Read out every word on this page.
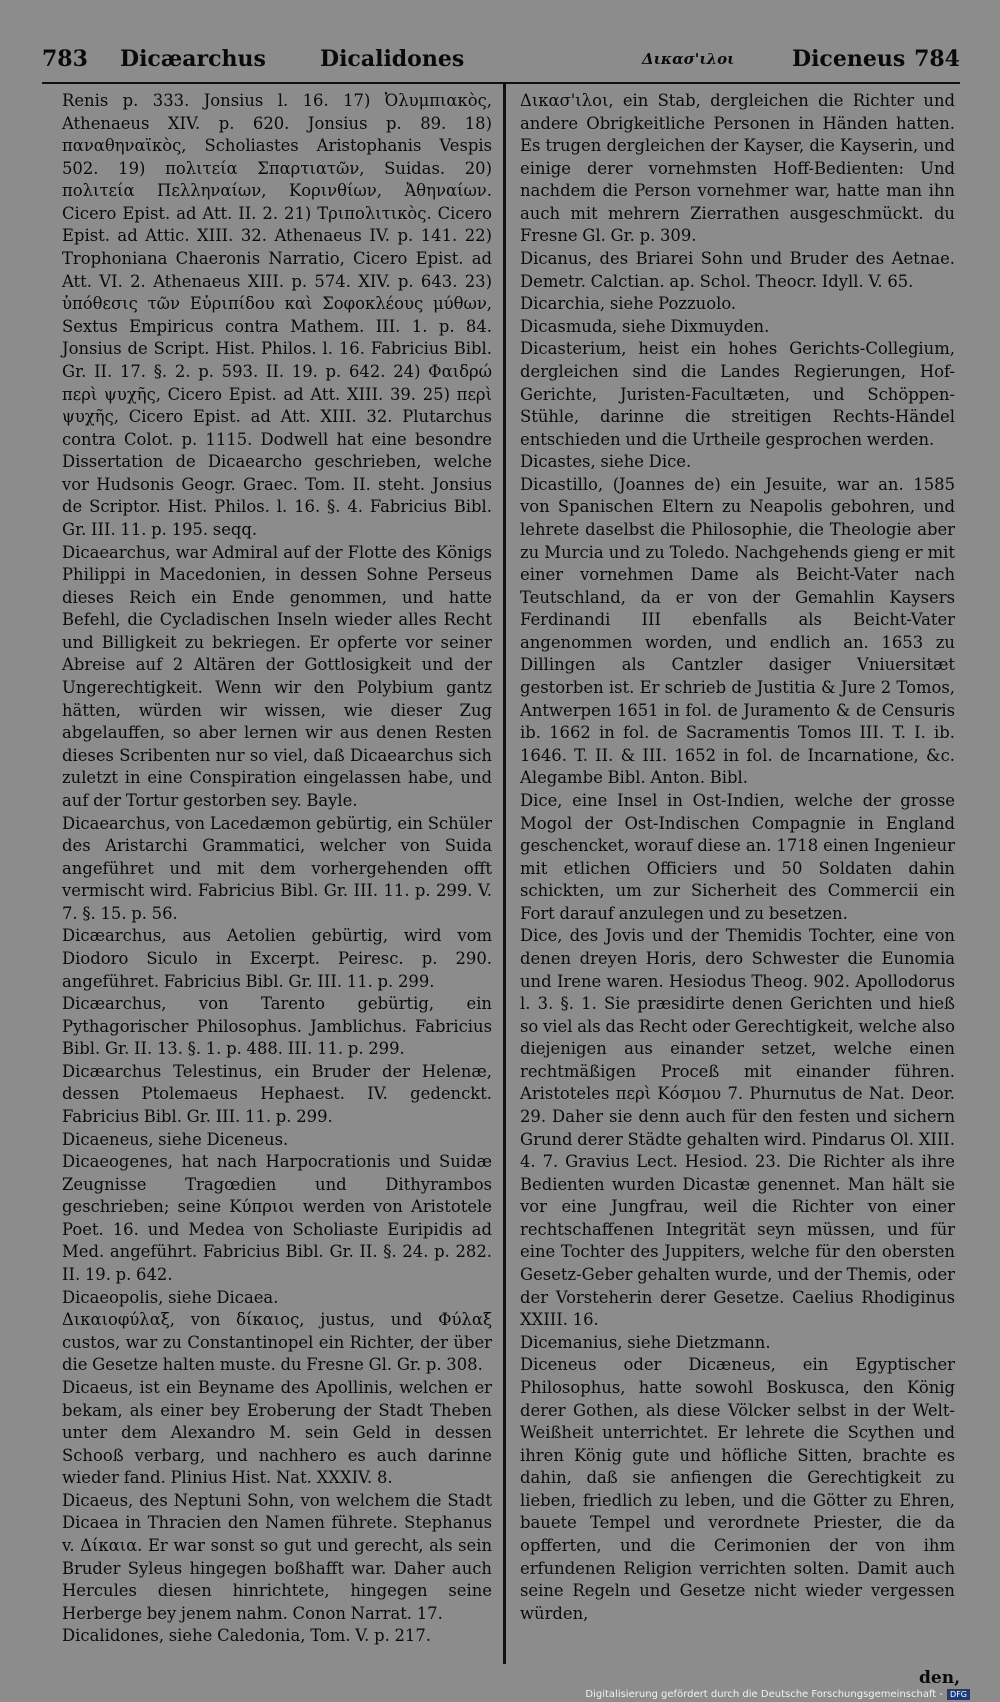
783 Dicæarchus Dicalidones	Δικασ'ιλοι	Diceneus 784

Renis p. 333. Jonsius l. 16. 17) Ὀλυμπιακὸς, Athenaeus XIV. p. 620. Jonsius p. 89. 18) παναθηναϊκὸς, Scholiastes Aristophanis Vespis 502. 19) πολιτεία Σπαρτιατῶν, Suidas. 20) πολιτεία Πελληναίων, Κορινθίων, Ἀθηναίων. Cicero Epist. ad Att. II. 2. 21) Τριπολιτικὸς. Cicero Epist. ad Attic. XIII. 32. Athenaeus IV. p. 141. 22) Trophoniana Chaeronis Narratio, Cicero Epist. ad Att. VI. 2. Athenaeus XIII. p. 574. XIV. p. 643. 23) ὑπόθεσις τῶν Εὐριπίδου καὶ Σοφοκλέους μύθων, Sextus Empiricus contra Mathem. III. 1. p. 84. Jonsius de Script. Hist. Philos. l. 16. Fabricius Bibl. Gr. II. 17. §. 2. p. 593. II. 19. p. 642. 24) Φαιδρώ περὶ ψυχῆς, Cicero Epist. ad Att. XIII. 39. 25) περὶ ψυχῆς, Cicero Epist. ad Att. XIII. 32. Plutarchus contra Colot. p. 1115. Dodwell hat eine besondre Dissertation de Dicaearcho geschrieben, welche vor Hudsonis Geogr. Graec. Tom. II. steht. Jonsius de Scriptor. Hist. Philos. l. 16. §. 4. Fabricius Bibl. Gr. III. 11. p. 195. seqq.

Dicaearchus, war Admiral auf der Flotte des Königs Philippi in Macedonien, in dessen Sohne Perseus dieses Reich ein Ende genommen, und hatte Befehl, die Cycladischen Inseln wieder alles Recht und Billigkeit zu bekriegen. Er opferte vor seiner Abreise auf 2 Altären der Gottlosigkeit und der Ungerechtigkeit. Wenn wir den Polybium gantz hätten, würden wir wissen, wie dieser Zug abgelauffen, so aber lernen wir aus denen Resten dieses Scribenten nur so viel, daß Dicaearchus sich zuletzt in eine Conspiration eingelassen habe, und auf der Tortur gestorben sey. Bayle.

Dicaearchus, von Lacedæmon gebürtig, ein Schüler des Aristarchi Grammatici, welcher von Suida angeführet und mit dem vorhergehenden offt vermischt wird. Fabricius Bibl. Gr. III. 11. p. 299. V. 7. §. 15. p. 56.

Dicæarchus, aus Aetolien gebürtig, wird vom Diodoro Siculo in Excerpt. Peiresc. p. 290. angeführet. Fabricius Bibl. Gr. III. 11. p. 299.

Dicæarchus, von Tarento gebürtig, ein Pythagorischer Philosophus. Jamblichus. Fabricius Bibl. Gr. II. 13. §. 1. p. 488. III. 11. p. 299.

Dicæarchus Telestinus, ein Bruder der Helenæ, dessen Ptolemaeus Hephaest. IV. gedenckt. Fabricius Bibl. Gr. III. 11. p. 299.

Dicaeneus, siehe Diceneus.

Dicaeogenes, hat nach Harpocrationis und Suidæ Zeugnisse Tragœdien und Dithyrambos geschrieben; seine Κύπριοι werden von Aristotele Poet. 16. und Medea von Scholiaste Euripidis ad Med. angeführt. Fabricius Bibl. Gr. II. §. 24. p. 282. II. 19. p. 642.

Dicaeopolis, siehe Dicaea.

Δικαιοφύλαξ, von δίκαιος, justus, und Φύλαξ custos, war zu Constantinopel ein Richter, der über die Gesetze halten muste. du Fresne Gl. Gr. p. 308.

Dicaeus, ist ein Beyname des Apollinis, welchen er bekam, als einer bey Eroberung der Stadt Theben unter dem Alexandro M. sein Geld in dessen Schooß verbarg, und nachhero es auch darinne wieder fand. Plinius Hist. Nat. XXXIV. 8.

Dicaeus, des Neptuni Sohn, von welchem die Stadt Dicaea in Thracien den Namen führete. Stephanus v. Δίκαια. Er war sonst so gut und gerecht, als sein Bruder Syleus hingegen boßhafft war. Daher auch Hercules diesen hinrichtete, hingegen seine Herberge bey jenem nahm. Conon Narrat. 17.

Dicalidones, siehe Caledonia, Tom. V. p. 217.

Δικασ'ιλοι, ein Stab, dergleichen die Richter und andere Obrigkeitliche Personen in Händen hatten. Es trugen dergleichen der Kayser, die Kayserin, und einige derer vornehmsten Hoff-Bedienten: Und nachdem die Person vornehmer war, hatte man ihn auch mit mehrern Zierrathen ausgeschmückt. du Fresne Gl. Gr. p. 309.

Dicanus, des Briarei Sohn und Bruder des Aetnae. Demetr. Calctian. ap. Schol. Theocr. Idyll. V. 65.

Dicarchia, siehe Pozzuolo.

Dicasmuda, siehe Dixmuyden.

Dicasterium, heist ein hohes Gerichts-Collegium, dergleichen sind die Landes Regierungen, Hof-Gerichte, Juristen-Facultæten, und Schöppen-Stühle, darinne die streitigen Rechts-Händel entschieden und die Urtheile gesprochen werden.

Dicastes, siehe Dice.

Dicastillo, (Joannes de) ein Jesuite, war an. 1585 von Spanischen Eltern zu Neapolis gebohren, und lehrete daselbst die Philosophie, die Theologie aber zu Murcia und zu Toledo. Nachgehends gieng er mit einer vornehmen Dame als Beicht-Vater nach Teutschland, da er von der Gemahlin Kaysers Ferdinandi III ebenfalls als Beicht-Vater angenommen worden, und endlich an. 1653 zu Dillingen als Cantzler dasiger Vniuersitæt gestorben ist. Er schrieb de Justitia & Jure 2 Tomos, Antwerpen 1651 in fol. de Juramento & de Censuris ib. 1662 in fol. de Sacramentis Tomos III. T. I. ib. 1646. T. II. & III. 1652 in fol. de Incarnatione, &c. Alegambe Bibl. Anton. Bibl.

Dice, eine Insel in Ost-Indien, welche der grosse Mogol der Ost-Indischen Compagnie in England geschencket, worauf diese an. 1718 einen Ingenieur mit etlichen Officiers und 50 Soldaten dahin schickten, um zur Sicherheit des Commercii ein Fort darauf anzulegen und zu besetzen.

Dice, des Jovis und der Themidis Tochter, eine von denen dreyen Horis, dero Schwester die Eunomia und Irene waren. Hesiodus Theog. 902. Apollodorus l. 3. §. 1. Sie præsidirte denen Gerichten und hieß so viel als das Recht oder Gerechtigkeit, welche also diejenigen aus einander setzet, welche einen rechtmäßigen Proceß mit einander führen. Aristoteles περὶ Κόσμου 7. Phurnutus de Nat. Deor. 29. Daher sie denn auch für den festen und sichern Grund derer Städte gehalten wird. Pindarus Ol. XIII. 4. 7. Gravius Lect. Hesiod. 23. Die Richter als ihre Bedienten wurden Dicastæ genennet. Man hält sie vor eine Jungfrau, weil die Richter von einer rechtschaffenen Integrität seyn müssen, und für eine Tochter des Juppiters, welche für den obersten Gesetz-Geber gehalten wurde, und der Themis, oder der Vorsteherin derer Gesetze. Caelius Rhodiginus XXIII. 16.

Dicemanius, siehe Dietzmann.

Diceneus oder Dicæneus, ein Egyptischer Philosophus, hatte sowohl Boskusca, den König derer Gothen, als diese Völcker selbst in der Welt-Weißheit unterrichtet. Er lehrete die Scythen und ihren König gute und höfliche Sitten, brachte es dahin, daß sie anfiengen die Gerechtigkeit zu lieben, friedlich zu leben, und die Götter zu Ehren, bauete Tempel und verordnete Priester, die da opfferten, und die Cerimonien der von ihm erfundenen Religion verrichten solten. Damit auch seine Regeln und Gesetze nicht wieder vergessen würden,

den,
Digitalisierung gefördert durch die Deutsche Forschungsgemeinschaft - DFG
